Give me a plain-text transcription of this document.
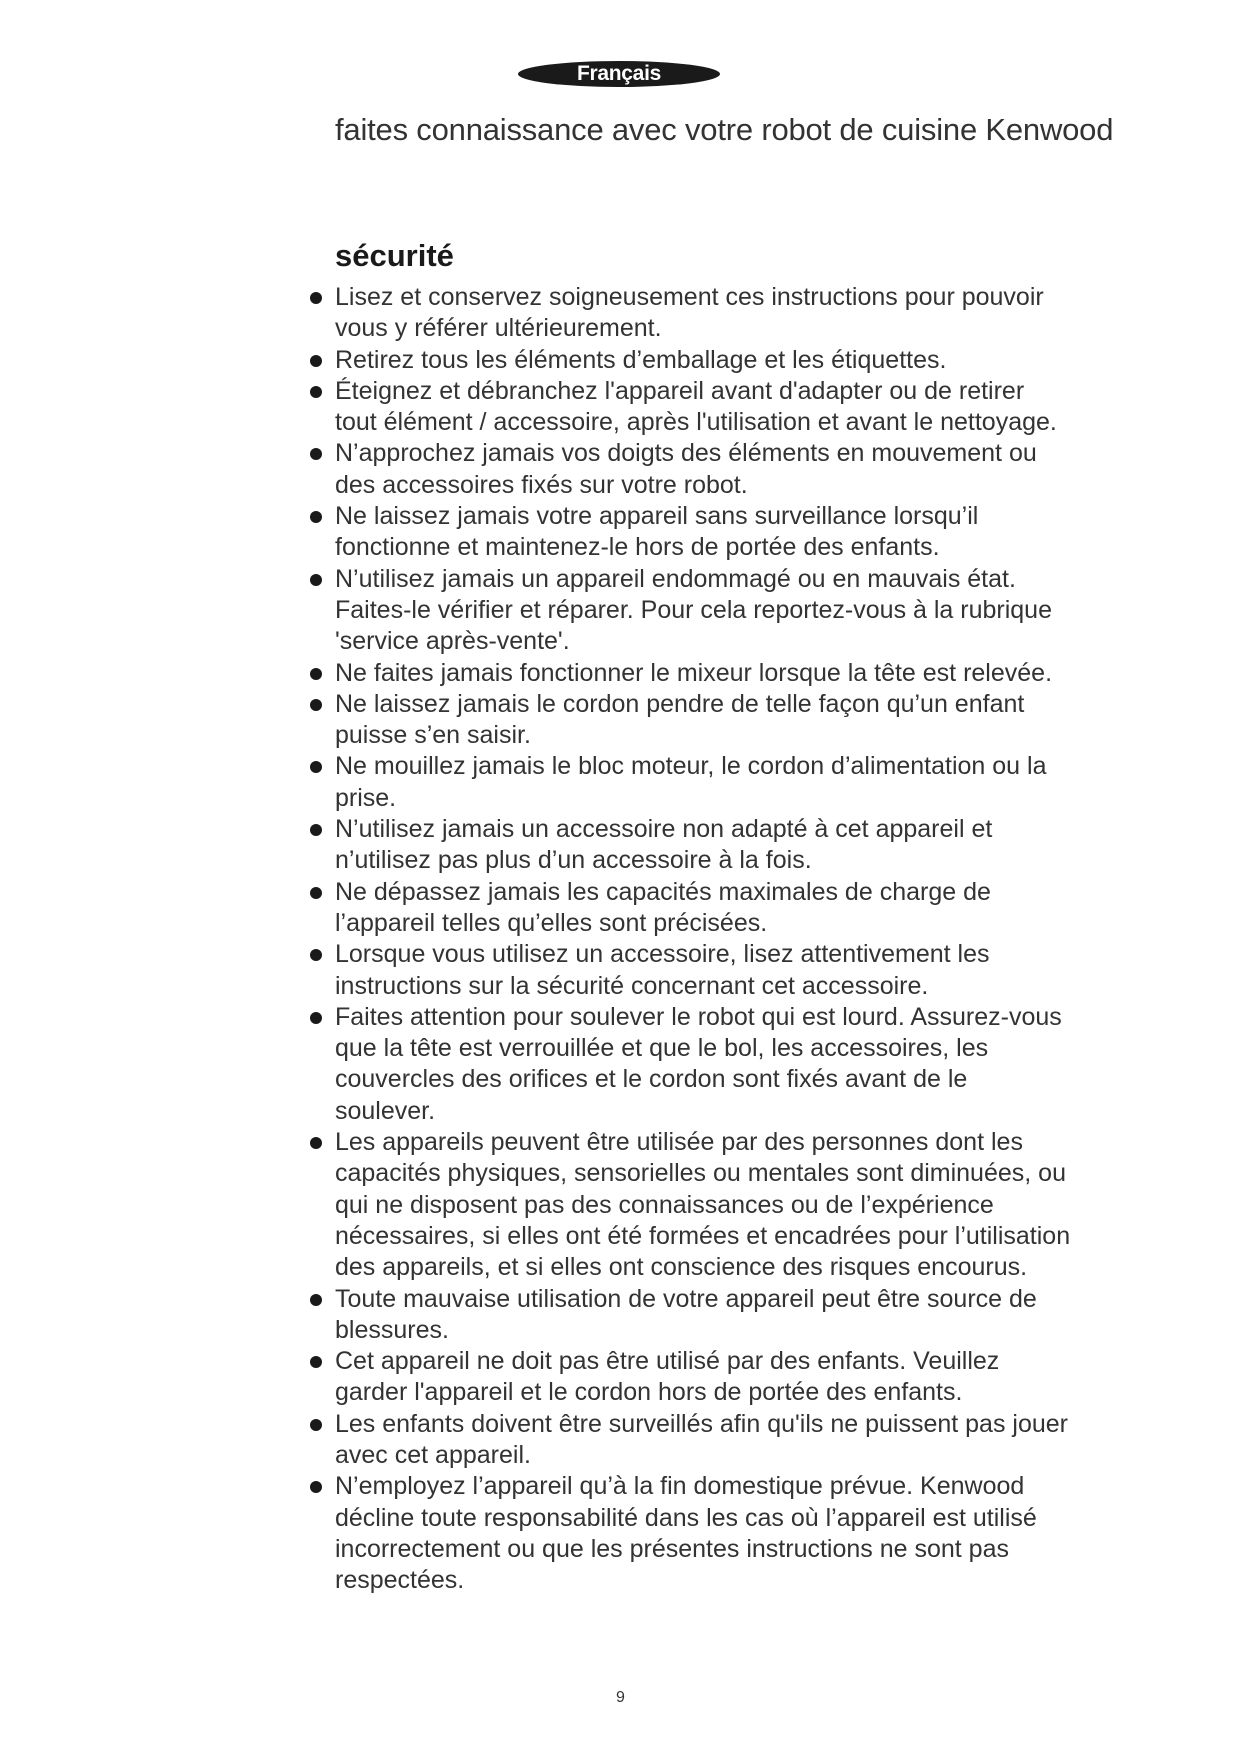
Français
faites connaissance avec votre robot de cuisine Kenwood
sécurité
Lisez et conservez soigneusement ces instructions pour pouvoir
vous y référer ultérieurement.
Retirez tous les éléments d’emballage et les étiquettes.
Éteignez et débranchez l'appareil avant d'adapter ou de retirer
tout élément / accessoire, après l'utilisation et avant le nettoyage.
N’approchez jamais vos doigts des éléments en mouvement ou
des accessoires fixés sur votre robot.
Ne laissez jamais votre appareil sans surveillance lorsqu’il
fonctionne et maintenez-le hors de portée des enfants.
N’utilisez jamais un appareil endommagé ou en mauvais état.
Faites-le vérifier et réparer. Pour cela reportez-vous à la rubrique
'service après-vente'.
Ne faites jamais fonctionner le mixeur lorsque la tête est relevée.
Ne laissez jamais le cordon pendre de telle façon qu’un enfant
puisse s’en saisir.
Ne mouillez jamais le bloc moteur, le cordon d’alimentation ou la
prise.
N’utilisez jamais un accessoire non adapté à cet appareil et
n’utilisez pas plus d’un accessoire à la fois.
Ne dépassez jamais les capacités maximales de charge de
l’appareil telles qu’elles sont précisées.
Lorsque vous utilisez un accessoire, lisez attentivement les
instructions sur la sécurité concernant cet accessoire.
Faites attention pour soulever le robot qui est lourd. Assurez-vous
que la tête est verrouillée et que le bol, les accessoires, les
couvercles des orifices et le cordon sont fixés avant de le
soulever.
Les appareils peuvent être utilisée par des personnes dont les
capacités physiques, sensorielles ou mentales sont diminuées, ou
qui ne disposent pas des connaissances ou de l’expérience
nécessaires, si elles ont été formées et encadrées pour l’utilisation
des appareils, et si elles ont conscience des risques encourus.
Toute mauvaise utilisation de votre appareil peut être source de
blessures.
Cet appareil ne doit pas être utilisé par des enfants. Veuillez
garder l'appareil et le cordon hors de portée des enfants.
Les enfants doivent être surveillés afin qu'ils ne puissent pas jouer
avec cet appareil.
N’employez l’appareil qu’à la fin domestique prévue. Kenwood
décline toute responsabilité dans les cas où l’appareil est utilisé
incorrectement ou que les présentes instructions ne sont pas
respectées.
9
